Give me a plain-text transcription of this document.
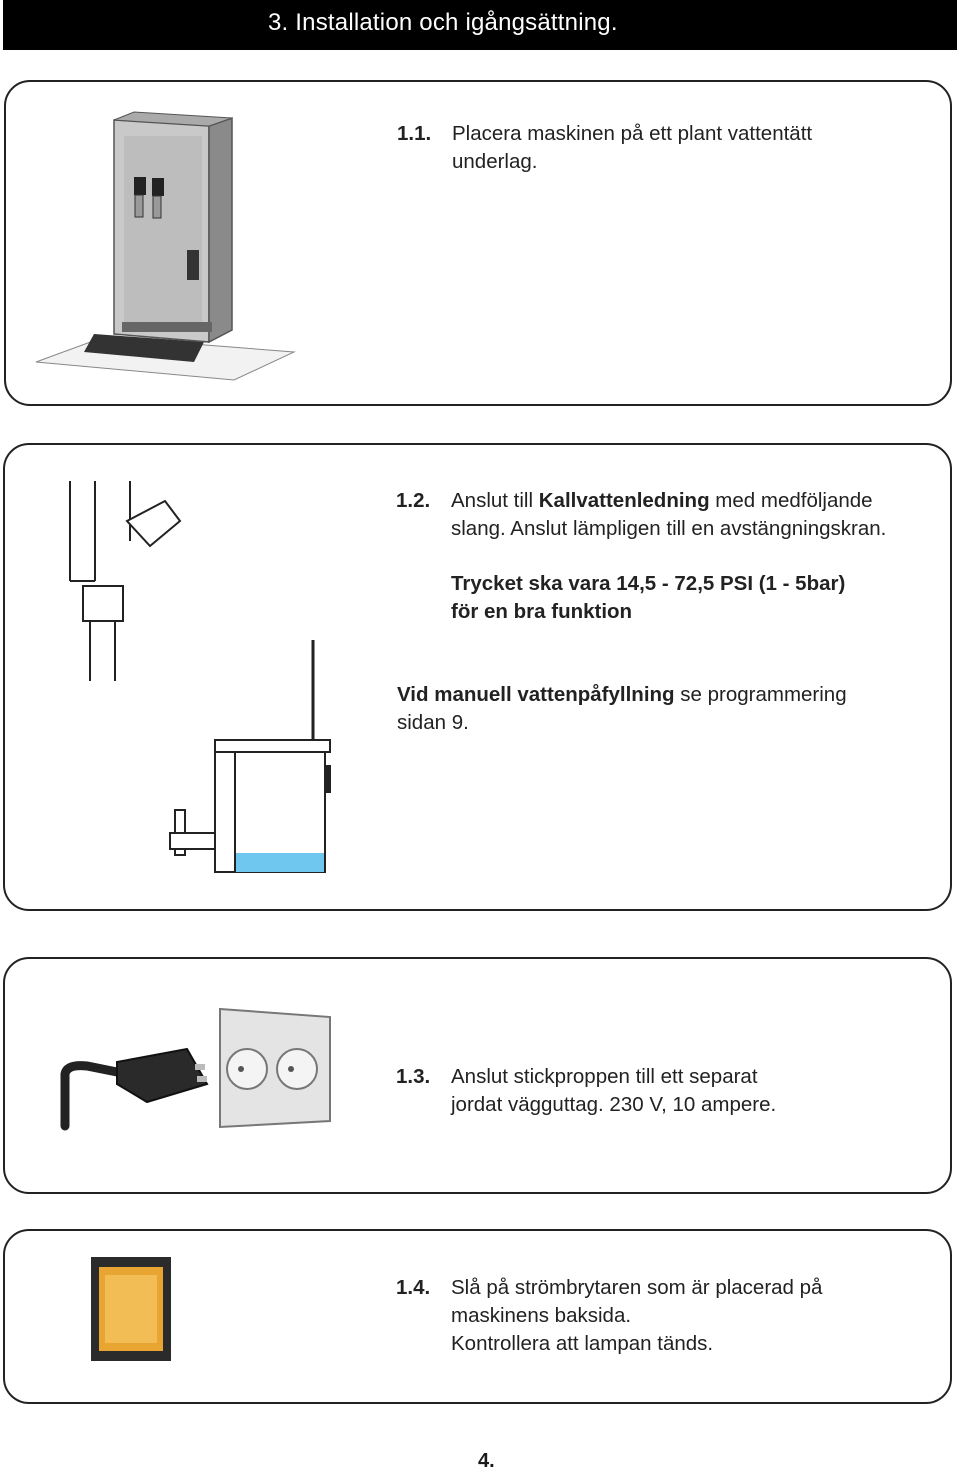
3. Installation och igångsättning.
1.1. Placera maskinen på ett plant vattentätt
underlag.
1.2. Anslut till Kallvattenledning med medföljande
slang. Anslut lämpligen till en avstängningskran.
Trycket ska vara 14,5 - 72,5 PSI (1 - 5bar)
för en bra funktion
Vid manuell vattenpåfyllning se programmering
sidan 9.
1.3. Anslut stickproppen till ett separat
jordat vägguttag. 230 V, 10 ampere.
1.4. Slå på strömbrytaren som är placerad på
maskinens baksida.
Kontrollera att lampan tänds.
4.
